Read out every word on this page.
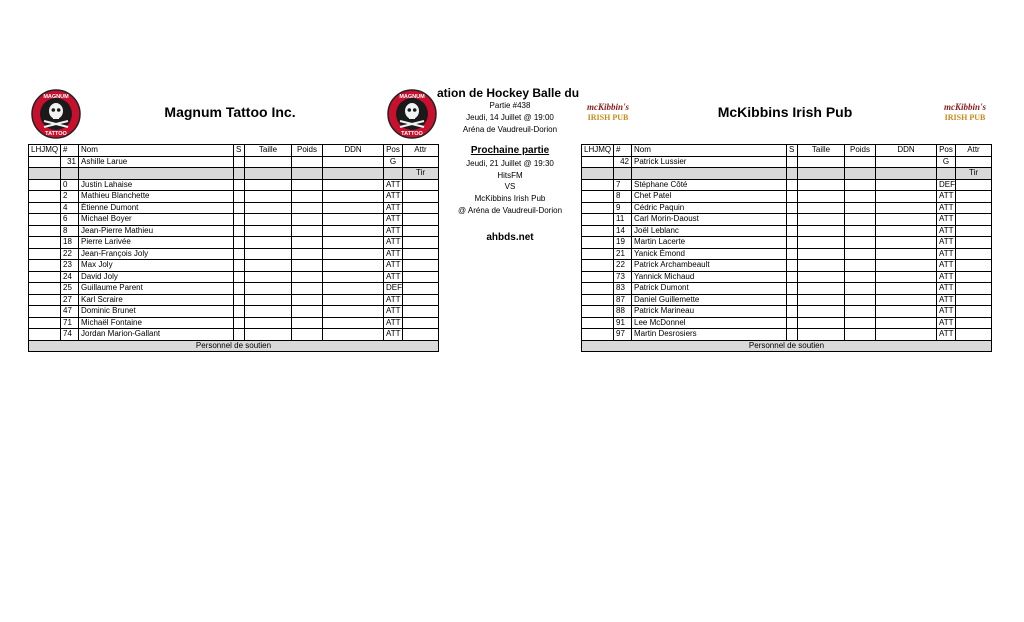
MAGNUM
TATTOO
MAGNUM
TATTOO
mcKibbin's
IRISH PUB
mcKibbin's
IRISH PUB
Magnum Tattoo Inc.	McKibbins Irish Pub
ation de Hockey Balle du
Partie #438
Jeudi, 14 Juillet @ 19:00
Aréna de Vaudreuil-Dorion
Prochaine partie
Jeudi, 21 Juillet @ 19:30
HitsFM
VS
McKibbins Irish Pub
@ Aréna de Vaudreuil-Dorion
ahbds.net
LHJMQ	#	Nom	S	Taille	Poids	DDN	Pos	Attr
	31	Ashille Larue					G	
								Tir
	0	Justin Lahaise					ATT	
	2	Mathieu Blanchette					ATT	
	4	Étienne Dumont					ATT	
	6	Michael Boyer					ATT	
	8	Jean-Pierre Mathieu					ATT	
	18	Pierre Larivée					ATT	
	22	Jean-François Joly					ATT	
	23	Max Joly					ATT	
	24	David Joly					ATT	
	25	Guillaume Parent					DEF	
	27	Karl Scraire					ATT	
	47	Dominic Brunet					ATT	
	71	Michaël Fontaine					ATT	
	74	Jordan Marion-Gallant					ATT	
Personnel de soutien								
LHJMQ	#	Nom	S	Taille	Poids	DDN	Pos	Attr
	42	Patrick Lussier					G	
								Tir
	7	Stéphane Côté					DEF	
	8	Chet Patel					ATT	
	9	Cédric Paquin					ATT	
	11	Carl Morin-Daoust					ATT	
	14	Joël Leblanc					ATT	
	19	Martin Lacerte					ATT	
	21	Yanick Émond					ATT	
	22	Patrick Archambeault					ATT	
	73	Yannick Michaud					ATT	
	83	Patrick Dumont					ATT	
	87	Daniel Guillemette					ATT	
	88	Patrick Marineau					ATT	
	91	Lee McDonnel					ATT	
	97	Martin Desrosiers					ATT	
Personnel de soutien								
